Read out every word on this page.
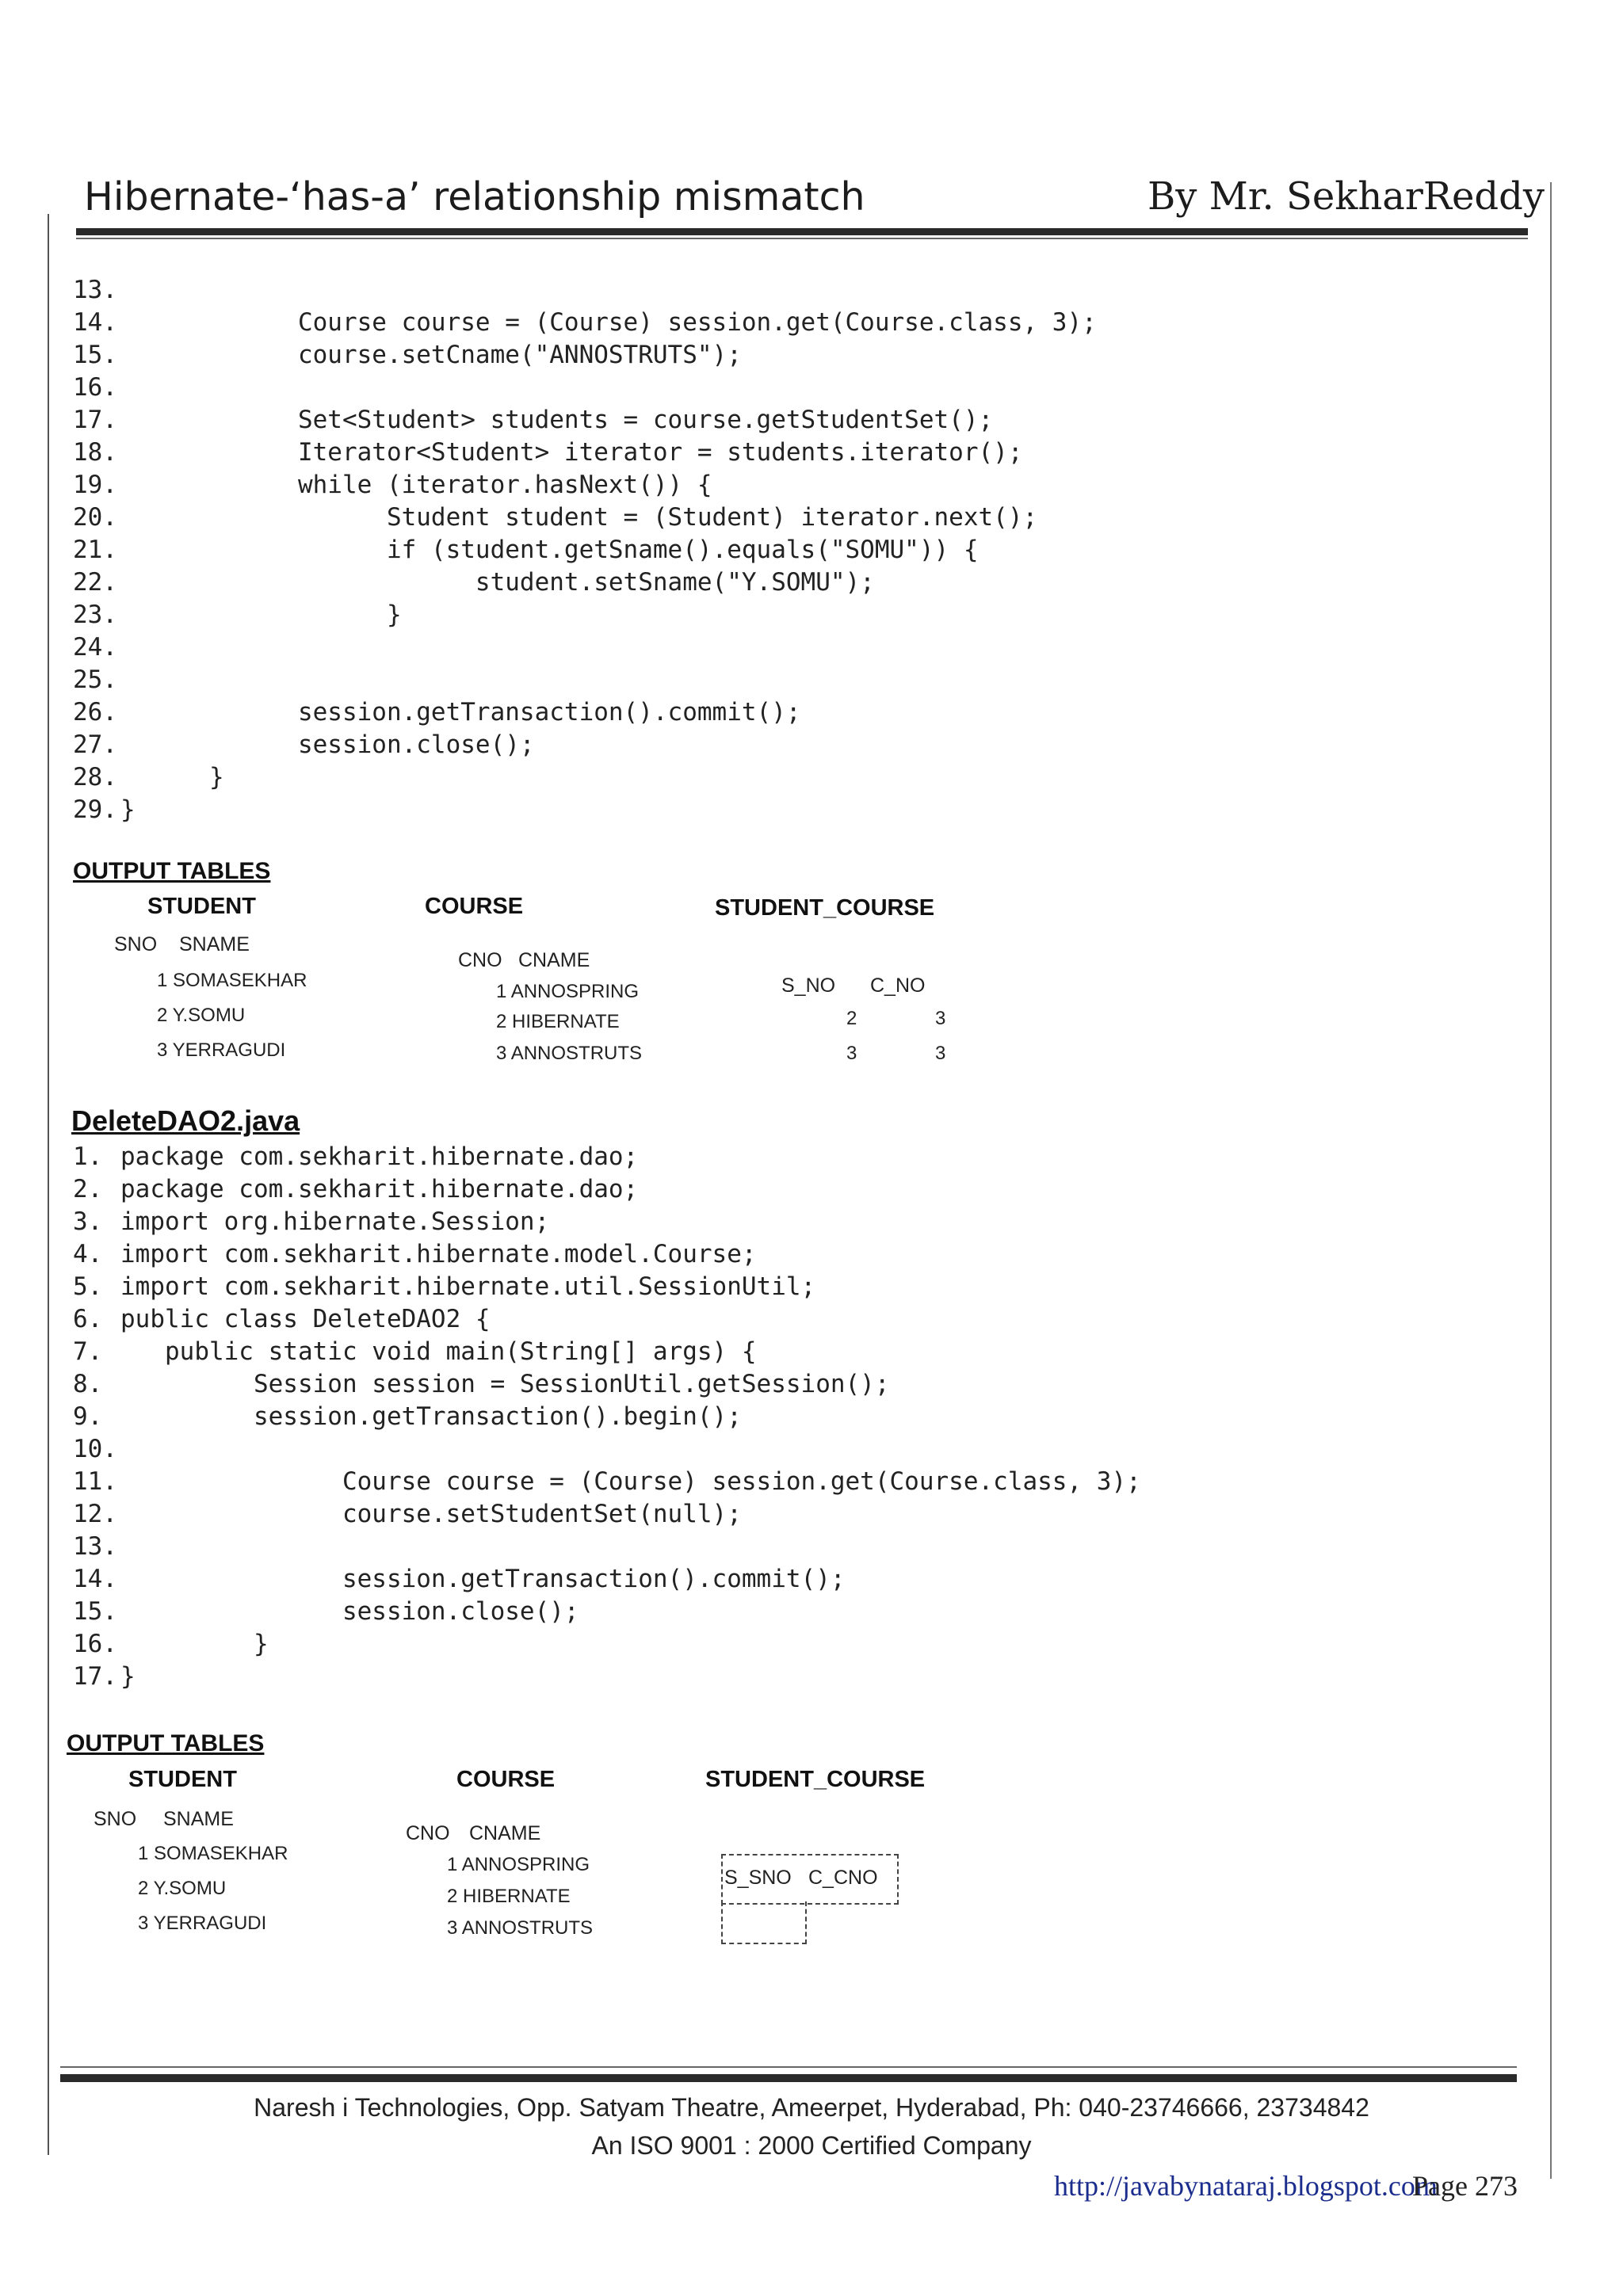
Hibernate-‘has-a’ relationship mismatch	By Mr. SekharReddy
13.
14.            Course course = (Course) session.get(Course.class, 3);
15.            course.setCname("ANNOSTRUTS");
16.
17.            Set<Student> students = course.getStudentSet();
18.            Iterator<Student> iterator = students.iterator();
19.            while (iterator.hasNext()) {
20.                  Student student = (Student) iterator.next();
21.                  if (student.getSname().equals("SOMU")) {
22.                        student.setSname("Y.SOMU");
23.                  }
24.
25.
26.            session.getTransaction().commit();
27.            session.close();
28.      }
29. }
OUTPUT TABLES
STUDENT
SNO SNAME
1 SOMASEKHAR
2 Y.SOMU
3 YERRAGUDI
COURSE
CNO CNAME
1 ANNOSPRING
2 HIBERNATE
3 ANNOSTRUTS
STUDENT_COURSE
S_NO C_NO
2	3
3	3
DeleteDAO2.java
1. package com.sekharit.hibernate.dao;
2. package com.sekharit.hibernate.dao;
3. import org.hibernate.Session;
4. import com.sekharit.hibernate.model.Course;
5. import com.sekharit.hibernate.util.SessionUtil;
6. public class DeleteDAO2 {
7.   public static void main(String[] args) {
8.         Session session = SessionUtil.getSession();
9.         session.getTransaction().begin();
10.
11.               Course course = (Course) session.get(Course.class, 3);
12.               course.setStudentSet(null);
13.
14.               session.getTransaction().commit();
15.               session.close();
16.         }
17. }
OUTPUT TABLES
STUDENT
SNO SNAME
1 SOMASEKHAR
2 Y.SOMU
3 YERRAGUDI
COURSE
CNO CNAME
1 ANNOSPRING
2 HIBERNATE
3 ANNOSTRUTS
STUDENT_COURSE
S_SNO C_CNO
Naresh i Technologies, Opp. Satyam Theatre, Ameerpet, Hyderabad, Ph: 040-23746666, 23734842
An ISO 9001 : 2000 Certified Company
http://javabynataraj.blogspot.com
Page 273
